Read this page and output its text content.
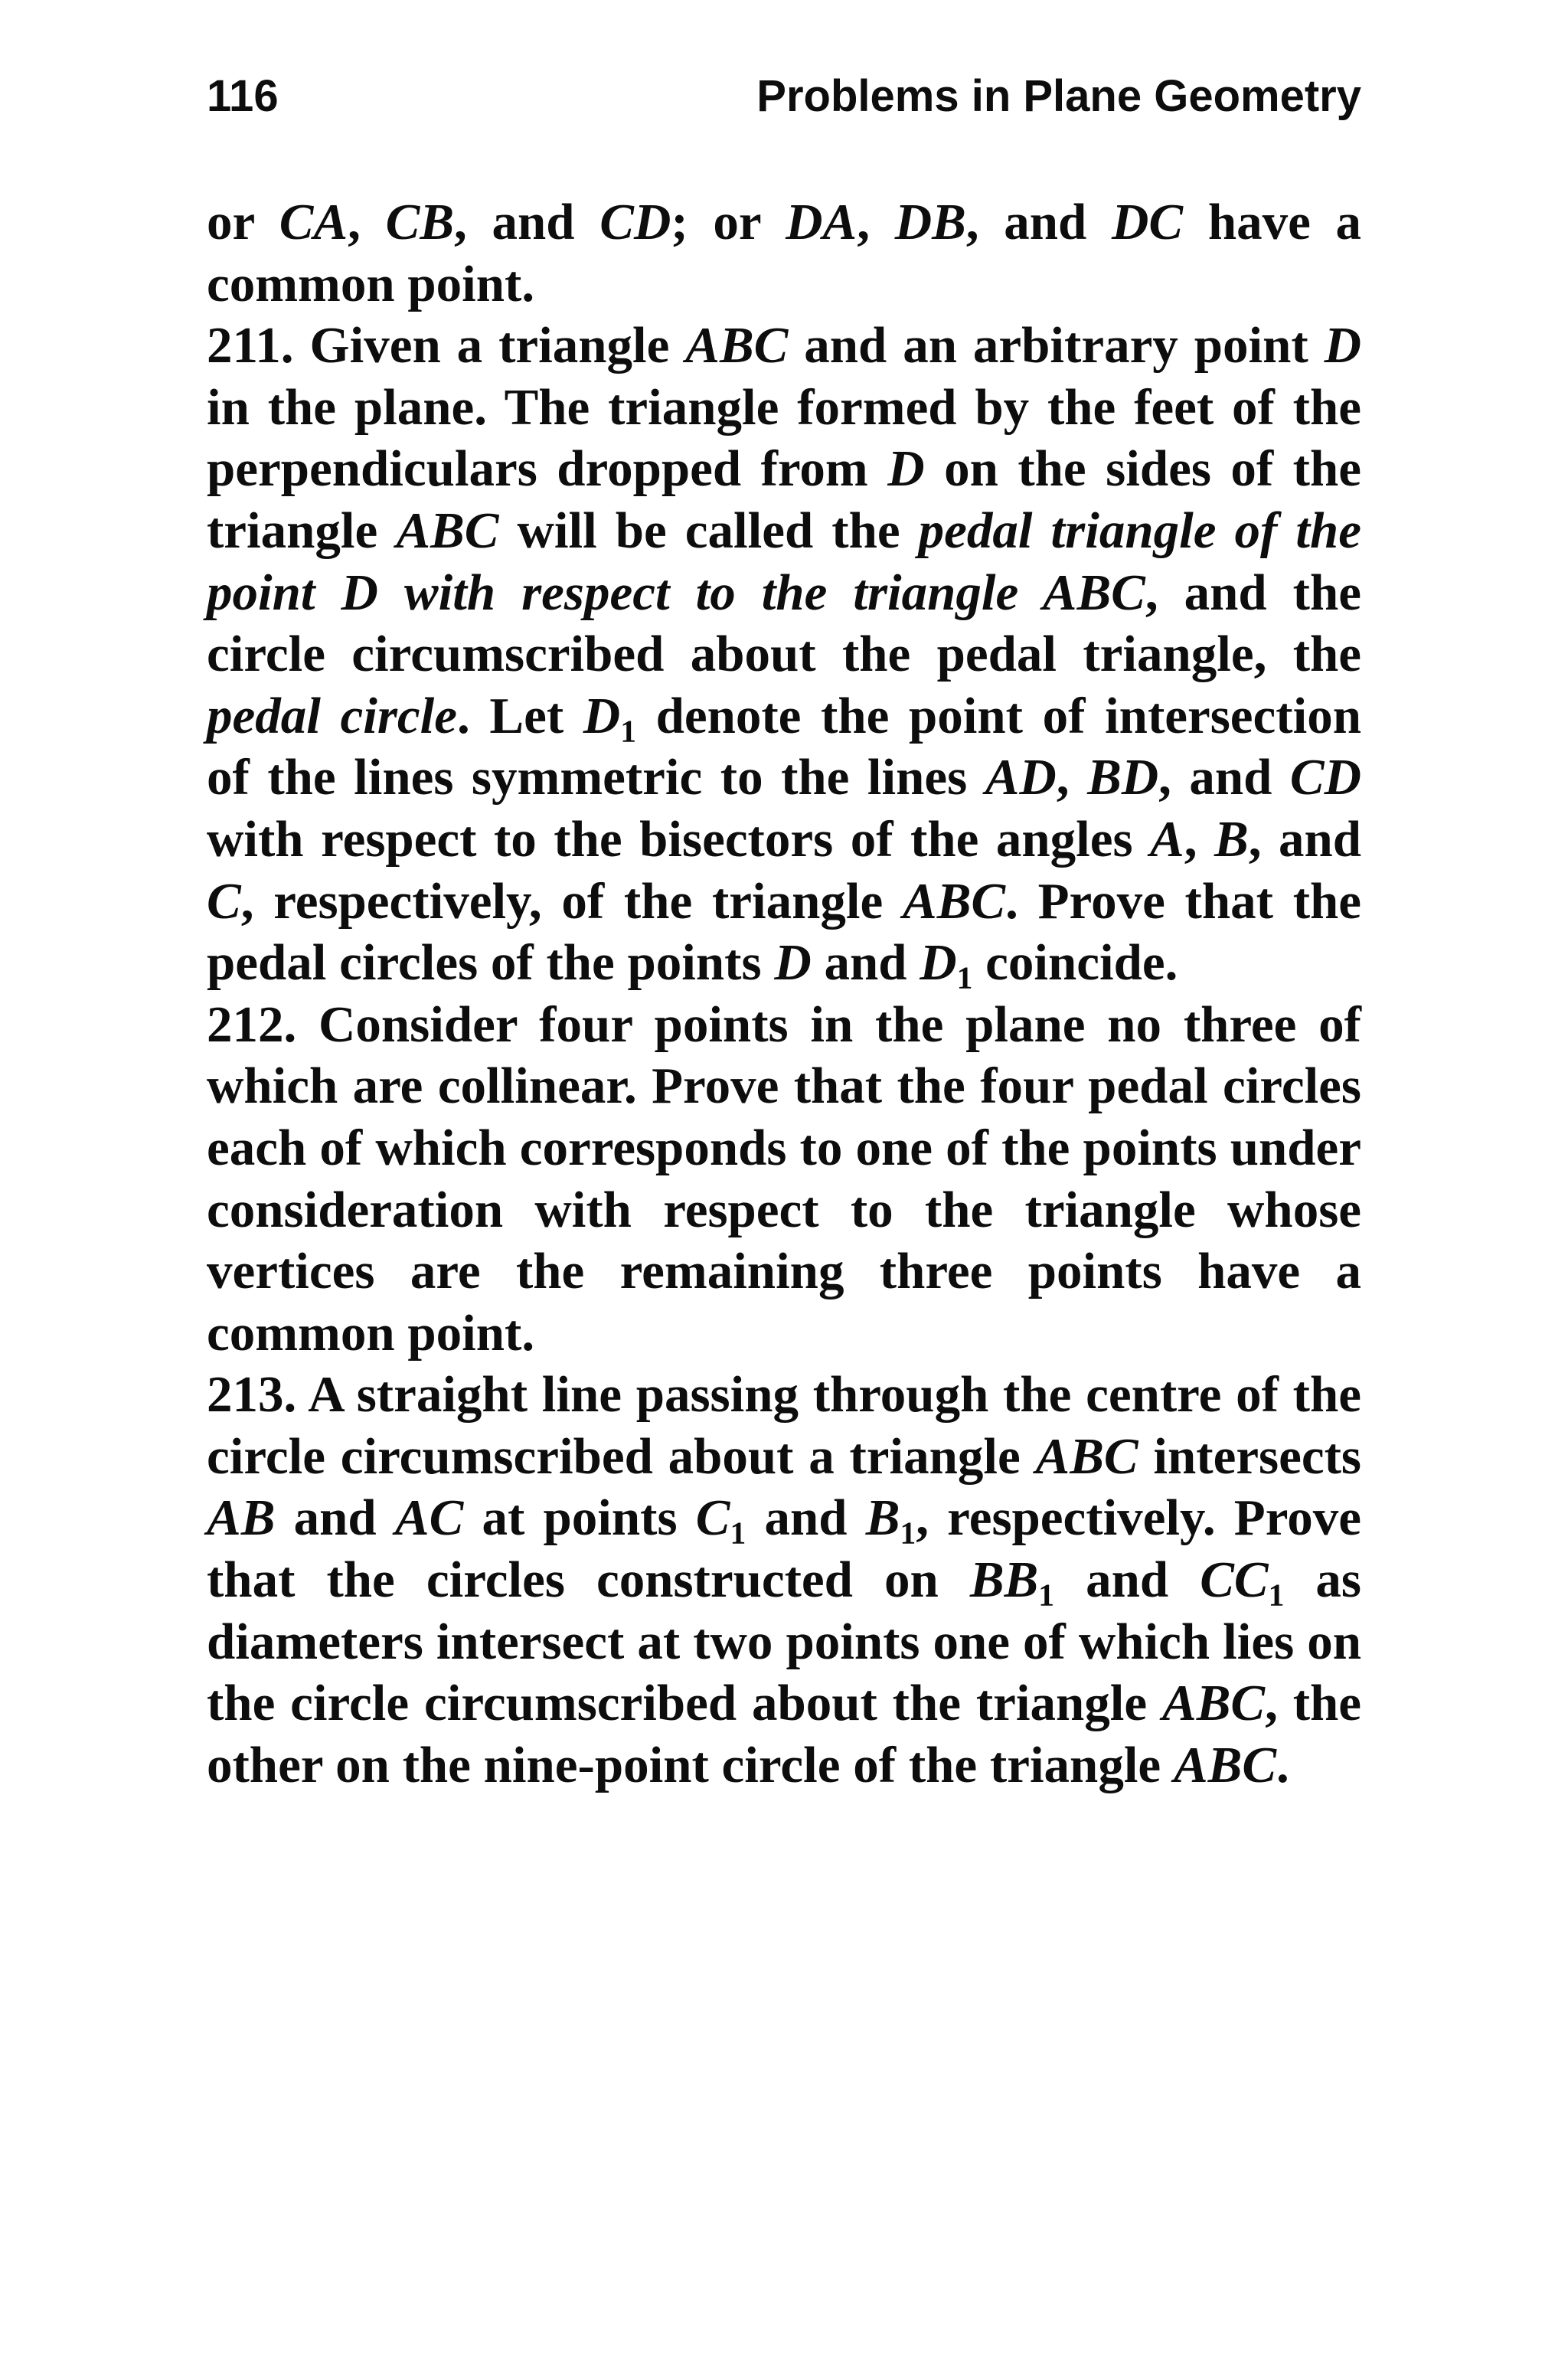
116	Problems in Plane Geometry

or CA, CB, and CD; or DA, DB, and DC have a common point.

211. Given a triangle ABC and an arbitrary point D in the plane. The triangle formed by the feet of the perpendiculars dropped from D on the sides of the triangle ABC will be called the pedal triangle of the point D with respect to the triangle ABC, and the circle circumscribed about the pedal triangle, the pedal circle. Let $D_1$ denote the point of intersection of the lines symmetric to the lines AD, BD, and CD with respect to the bisectors of the angles A, B, and C, respectively, of the triangle ABC. Prove that the pedal circles of the points D and $D_1$ coincide.

212. Consider four points in the plane no three of which are collinear. Prove that the four pedal circles each of which corresponds to one of the points under consideration with respect to the triangle whose vertices are the remaining three points have a common point.

213. A straight line passing through the centre of the circle circumscribed about a triangle ABC intersects AB and AC at points $C_1$ and $B_1$, respectively. Prove that the circles constructed on $BB_1$ and $CC_1$ as diameters intersect at two points one of which lies on the circle circumscribed about the triangle ABC, the other on the nine-point circle of the triangle ABC.
